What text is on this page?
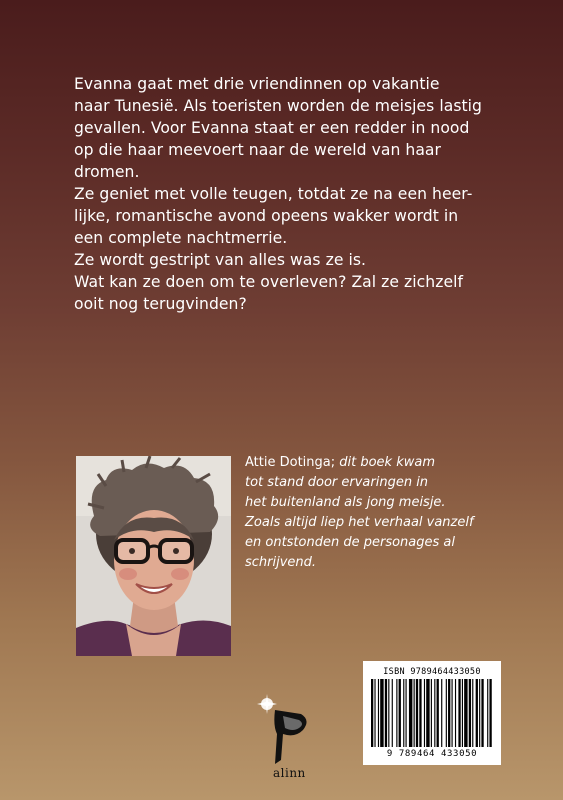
Evanna gaat met drie vriendinnen op vakantie

naar Tunesië. Als toeristen worden de meisjes lastig

gevallen. Voor Evanna staat er een redder in nood

op die haar meevoert naar de wereld van haar

dromen.

Ze geniet met volle teugen, totdat ze na een heer-

lijke, romantische avond opeens wakker wordt in

een complete nachtmerrie.

Ze wordt gestript van alles was ze is.

Wat kan ze doen om te overleven? Zal ze zichzelf

ooit nog terugvinden?

Attie Dotinga; dit boek kwam
tot stand door ervaringen in
het buitenland als jong meisje.
Zoals altijd liep het verhaal vanzelf
en ontstonden de personages al
schrijvend.
alinn
ISBN 9789464433050
9 789464 433050
